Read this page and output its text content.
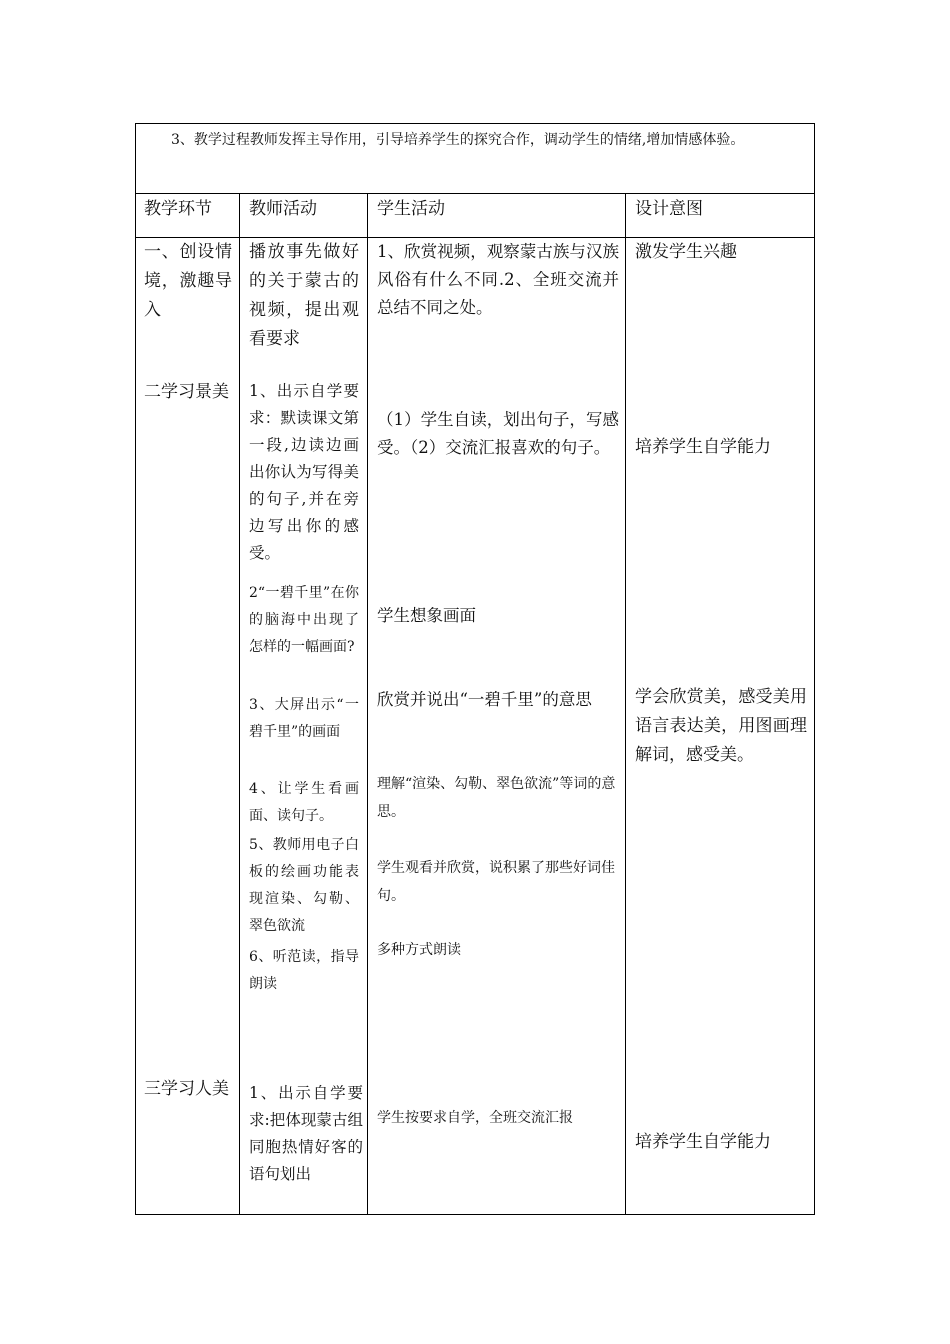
3、教学过程教师发挥主导作用，引导培养学生的探究合作，调动学生的情绪,增加情感体验。

教学环节 教师活动	学生活动	设计意图

一、创设情境，激趣导入

播放事先做好的关于蒙古的视频，提出观看要求

1、欣赏视频，观察蒙古族与汉族风俗有什么不同.2、全班交流并总结不同之处。

激发学生兴趣

二学习景美 1、出示自学要求：默读课文第一段,边读边画出你认为写得美的句子,并在旁边写出你的感受。

2“一碧千里”在你的脑海中出现了怎样的一幅画面?

3、大屏出示“一碧千里”的画面

4、让学生看画面、读句子。

5、教师用电子白板的绘画功能表现渲染、勾勒、翠色欲流

6、听范读，指导朗读

（1）学生自读，划出句子，写感受。（2）交流汇报喜欢的句子。

学生想象画面

欣赏并说出“一碧千里”的意思

理解“渲染、勾勒、翠色欲流”等词的意思。

学生观看并欣赏，说积累了那些好词佳句。

多种方式朗读

培养学生自学能力

学会欣赏美，感受美用语言表达美，用图画理解词，感受美。

三学习人美 1、出示自学要求:把体现蒙古组同胞热情好客的语句划出

学生按要求自学，全班交流汇报

培养学生自学能力
